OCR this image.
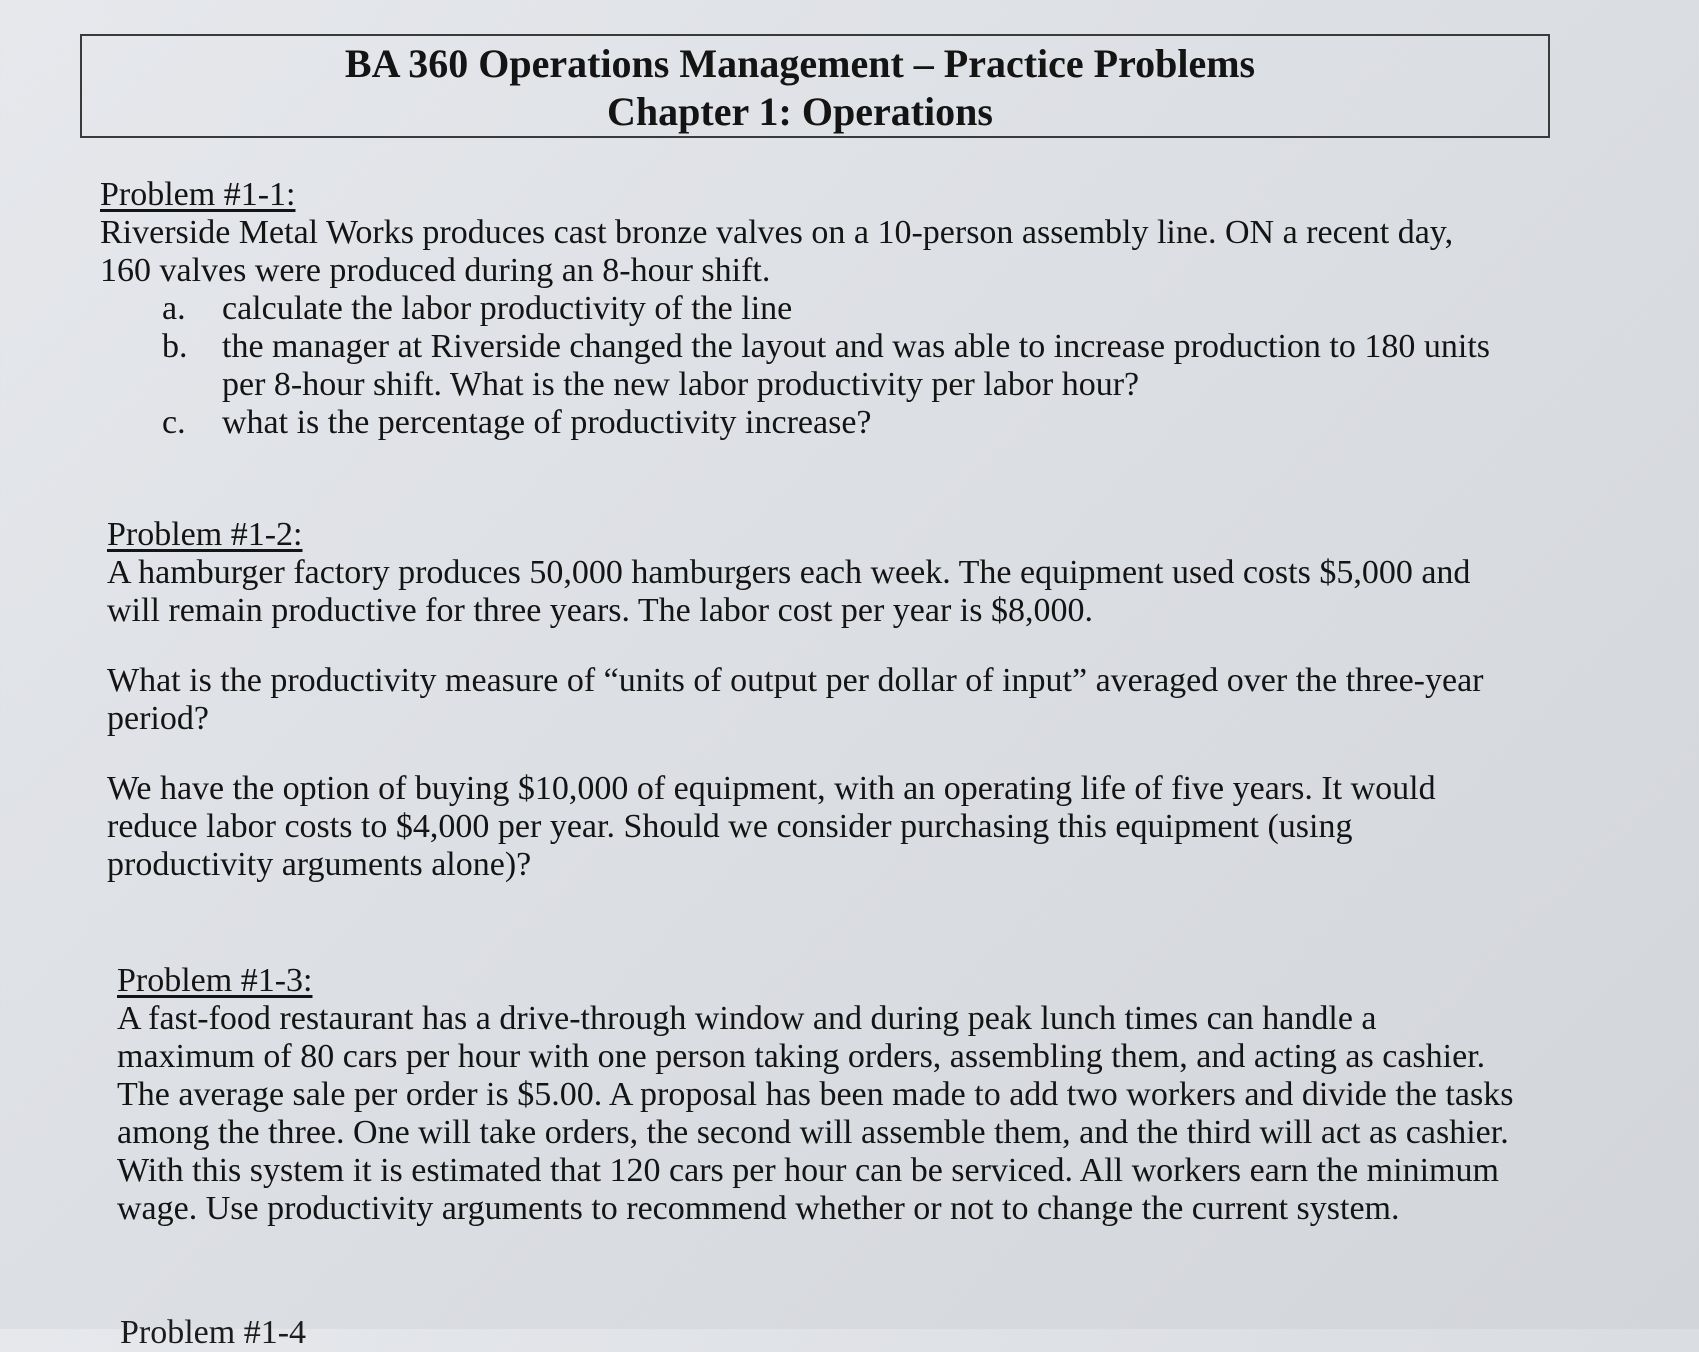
BA 360 Operations Management – Practice Problems
Chapter 1: Operations
Problem #1-1:

Riverside Metal Works produces cast bronze valves on a 10-person assembly line. ON a recent day, 160 valves were produced during an 8-hour shift.

a.	calculate the labor productivity of the line
b.	the manager at Riverside changed the layout and was able to increase production to 180 units per 8-hour shift. What is the new labor productivity per labor hour?
c.	what is the percentage of productivity increase?
Problem #1-2:

A hamburger factory produces 50,000 hamburgers each week. The equipment used costs $5,000 and will remain productive for three years. The labor cost per year is $8,000.

What is the productivity measure of “units of output per dollar of input” averaged over the three-year period?

We have the option of buying $10,000 of equipment, with an operating life of five years. It would reduce labor costs to $4,000 per year. Should we consider purchasing this equipment (using productivity arguments alone)?

Problem #1-3:

A fast-food restaurant has a drive-through window and during peak lunch times can handle a maximum of 80 cars per hour with one person taking orders, assembling them, and acting as cashier. The average sale per order is $5.00. A proposal has been made to add two workers and divide the tasks among the three. One will take orders, the second will assemble them, and the third will act as cashier. With this system it is estimated that 120 cars per hour can be serviced. All workers earn the minimum wage. Use productivity arguments to recommend whether or not to change the current system.

Problem #1-4
